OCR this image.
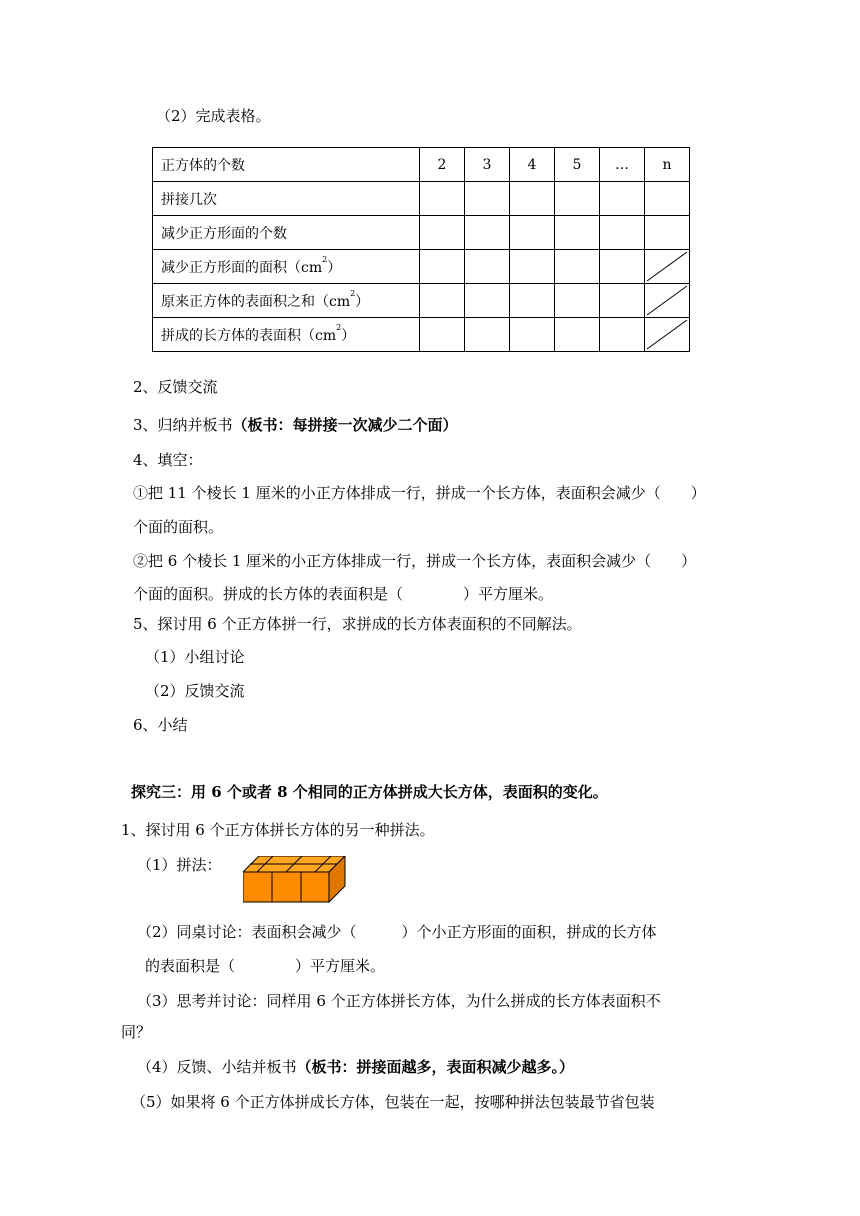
（2）完成表格。
正方体的个数	2	3	4	5	…	n
拼接几次						
减少正方形面的个数						
减少正方形面的面积$(cm^2)$						

原来正方体的表面积之和$(cm^2)$						

拼成的长方体的表面积$(cm^2)$						
2、反馈交流
3、归纳并板书（板书：每拼接一次减少二个面）
4、填空：
①把 11 个棱长 1 厘米的小正方体排成一行，拼成一个长方体，表面积会减少（　　）
个面的面积。
②把 6 个棱长 1 厘米的小正方体排成一行，拼成一个长方体，表面积会减少（　　）
个面的面积。拼成的长方体的表面积是（　　　　）平方厘米。
5、探讨用 6 个正方体拼一行，求拼成的长方体表面积的不同解法。
（1）小组讨论
（2）反馈交流
6、小结
探究三：用 6 个或者 8 个相同的正方体拼成大长方体，表面积的变化。
1、探讨用 6 个正方体拼长方体的另一种拼法。
（1）拼法：
（2）同桌讨论：表面积会减少（　　　）个小正方形面的面积，拼成的长方体
的表面积是（　　　　）平方厘米。
（3）思考并讨论：同样用 6 个正方体拼长方体，为什么拼成的长方体表面积不
同？
（4）反馈、小结并板书（板书：拼接面越多，表面积减少越多。）
（5）如果将 6 个正方体拼成长方体，包装在一起，按哪种拼法包装最节省包装
